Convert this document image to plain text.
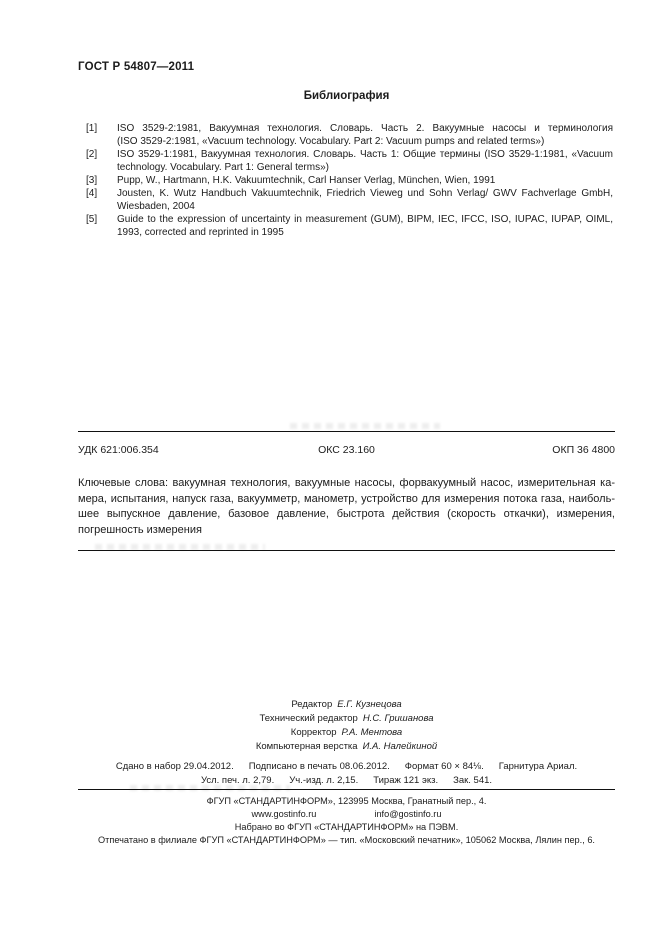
ГОСТ Р 54807—2011
Библиография
[1]	ISO 3529-2:1981, Вакуумная технология. Словарь. Часть 2. Вакуумные насосы и терминология
(ISO 3529-2:1981, «Vacuum technology. Vocabulary. Part 2: Vacuum pumps and related terms»)
[2]	ISO 3529-1:1981, Вакуумная технология. Словарь. Часть 1: Общие термины (ISO 3529-1:1981, «Vacuum
technology. Vocabulary. Part 1: General terms»)
[3]	Pupp, W., Hartmann, H.K. Vakuumtechnik, Carl Hanser Verlag, München, Wien, 1991
[4]	Jousten, K. Wutz Handbuch Vakuumtechnik, Friedrich Vieweg und Sohn Verlag/ GWV Fachverlage GmbH,
Wiesbaden, 2004
[5]	Guide to the expression of uncertainty in measurement (GUM), BIPM, IEC, IFCC, ISO, IUPAC, IUPAP, OIML,
1993, corrected and reprinted in 1995
УДК 621:006.354	ОКС 23.160	ОКП 36 4800
Ключевые слова: вакуумная технология, вакуумные насосы, форвакуумный насос, измерительная ка-
мера, испытания, напуск газа, вакуумметр, манометр, устройство для измерения потока газа, наиболь-
шее выпускное давление, базовое давление, быстрота действия (скорость откачки), измерения,
погрешность измерения
Редактор Е.Г. Кузнецова
Технический редактор Н.С. Гришанова
Корректор Р.А. Ментова
Компьютерная верстка И.А. Налейкиной
Сдано в набор 29.04.2012. Подписано в печать 08.06.2012. Формат 60 × 84⅛. Гарнитура Ариал.
Усл. печ. л. 2,79. Уч.-изд. л. 2,15. Тираж 121 экз. Зак. 541.
ФГУП «СТАНДАРТИНФОРМ», 123995 Москва, Гранатный пер., 4.
www.gostinfo.ru	info@gostinfo.ru
Набрано во ФГУП «СТАНДАРТИНФОРМ» на ПЭВМ.
Отпечатано в филиале ФГУП «СТАНДАРТИНФОРМ» — тип. «Московский печатник», 105062 Москва, Лялин пер., 6.
